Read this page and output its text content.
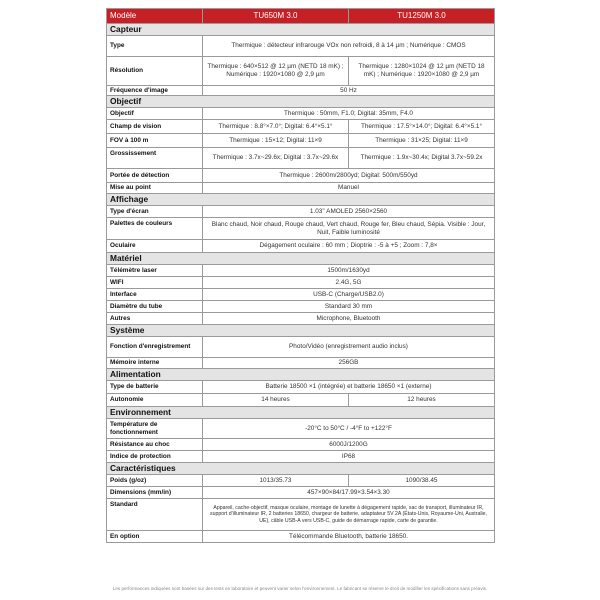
Modèle	TU650M 3.0	TU1250M 3.0
Capteur		
Type	Thermique : détecteur infrarouge VOx non refroidi, 8 à 14 µm ; Numérique : CMOS	
Résolution	Thermique : 640×512 @ 12 µm (NETD 18 mK) ; Numérique : 1920×1080 @ 2,9 µm	Thermique : 1280×1024 @ 12 µm (NETD 18 mK) ; Numérique : 1920×1080 @ 2,9 µm
Fréquence d'image	50 Hz	
Objectif		
Objectif	Thermique : 50mm, F1.0; Digital: 35mm, F4.0	
Champ de vision	Thermique : 8.8°×7.0°; Digital: 6.4°×5.1°	Thermique : 17.5°×14.0°; Digital: 6.4°×5.1°
FOV à 100 m	Thermique : 15×12; Digital: 11×9	Thermique : 31×25; Digital: 11×9
Grossissement	Thermique : 3.7x~29.6x; Digital : 3.7x~29.6x	Thermique : 1.9x~30.4x; Digital 3.7x~59.2x
Portée de détection	Thermique : 2600m/2800yd; Digital: 500m/550yd	
Mise au point	Manuel	
Affichage		
Type d'écran	1.03'' AMOLED 2560×2560	
Palettes de couleurs	Blanc chaud, Noir chaud, Rouge chaud, Vert chaud, Rouge fer, Bleu chaud, Sépia. Visible : Jour, Nuit, Faible luminosité	
Oculaire	Dégagement oculaire : 60 mm ; Dioptrie : -5 à +5 ; Zoom : 7,8×	
Matériel		
Télémètre laser	1500m/1630yd	
WIFI	2.4G, 5G	
Interface	USB-C (Charge/USB2.0)	
Diamètre du tube	Standard 30 mm	
Autres	Microphone, Bluetooth	
Système		
Fonction d'enregistrement	Photo/Vidéo (enregistrement audio inclus)	
Mémoire interne	256GB	
Alimentation		
Type de batterie	Batterie 18500 ×1 (intégrée) et batterie 18650 ×1 (externe)	
Autonomie	14 heures	12 heures
Environnement		
Température de fonctionnement	-20°C to 50°C / -4°F to +122°F	
Résistance au choc	6000J/1200G	
Indice de protection	IP68	
Caractéristiques		
Poids (g/oz)	1013/35.73	1090/38.45
Dimensions (mm/in)	457×90×84/17.99×3.54×3.30	
Standard	Appareil, cache-objectif, masque oculaire, montage de lunette à dégagement rapide, sac de transport, illuminateur IR, support d'illuminateur IR, 2 batteries 18650, chargeur de batterie, adaptateur 5V 2A (États-Unis, Royaume-Uni, Australie, UE), câble USB-A vers USB-C, guide de démarrage rapide, carte de garantie.	
En option	Télécommande Bluetooth, batterie 18650.	
Les performances indiquées sont basées sur des tests en laboratoire et peuvent varier selon l'environnement. Le fabricant se réserve le droit de modifier les spécifications sans préavis.
